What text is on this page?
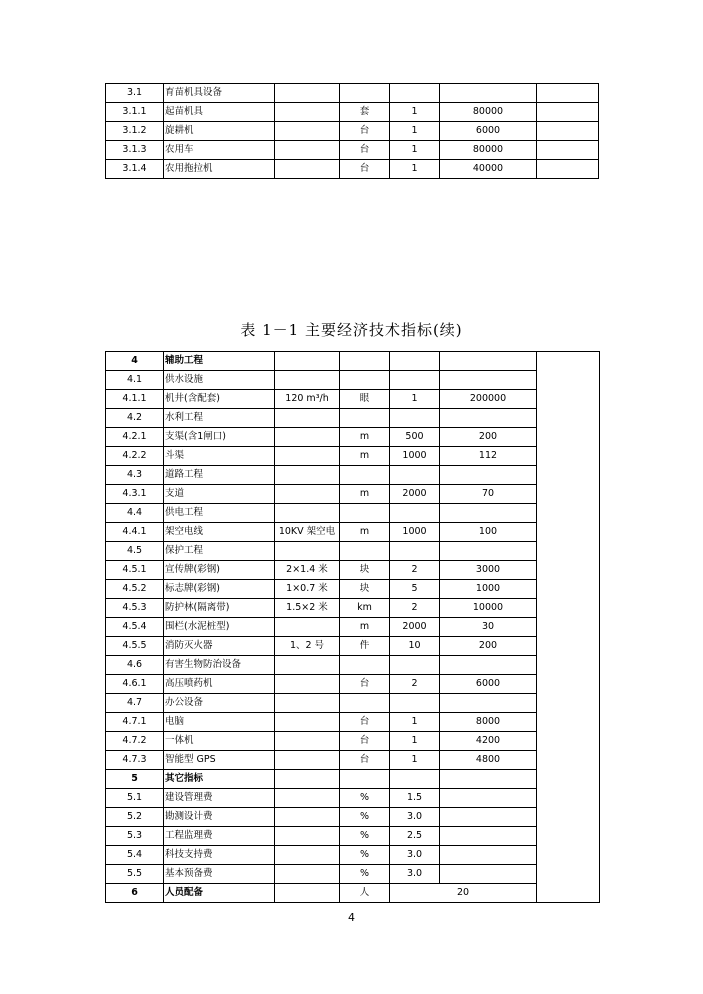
3.1	育苗机具设备					
3.1.1	起苗机具		套	1	80000	
3.1.2	旋耕机		台	1	6000	
3.1.3	农用车		台	1	80000	
3.1.4	农用拖拉机		台	1	40000	
表 1－1 主要经济技术指标(续)
4	辅助工程					
4.1	供水设施					
4.1.1	机井(含配套)	120 m³/h	眼	1	200000	
4.2	水利工程					
4.2.1	支渠(含1闸口)		m	500	200	
4.2.2	斗渠		m	1000	112	
4.3	道路工程					
4.3.1	支道		m	2000	70	
4.4	供电工程					
4.4.1	架空电线	10KV 架空电	m	1000	100	
4.5	保护工程					
4.5.1	宣传牌(彩钢)	2×1.4 米	块	2	3000	
4.5.2	标志牌(彩钢)	1×0.7 米	块	5	1000	
4.5.3	防护林(隔离带)	1.5×2 米	km	2	10000	
4.5.4	围栏(水泥桩型)		m	2000	30	
4.5.5	消防灭火器	1、2 号	件	10	200	
4.6	有害生物防治设备					
4.6.1	高压喷药机		台	2	6000	
4.7	办公设备					
4.7.1	电脑		台	1	8000	
4.7.2	一体机		台	1	4200	
4.7.3	智能型 GPS		台	1	4800	
5	其它指标					
5.1	建设管理费		%	1.5		
5.2	勘测设计费		%	3.0		
5.3	工程监理费		%	2.5		
5.4	科技支持费		%	3.0		
5.5	基本预备费		%	3.0		
6	人员配备		人	20		
4
